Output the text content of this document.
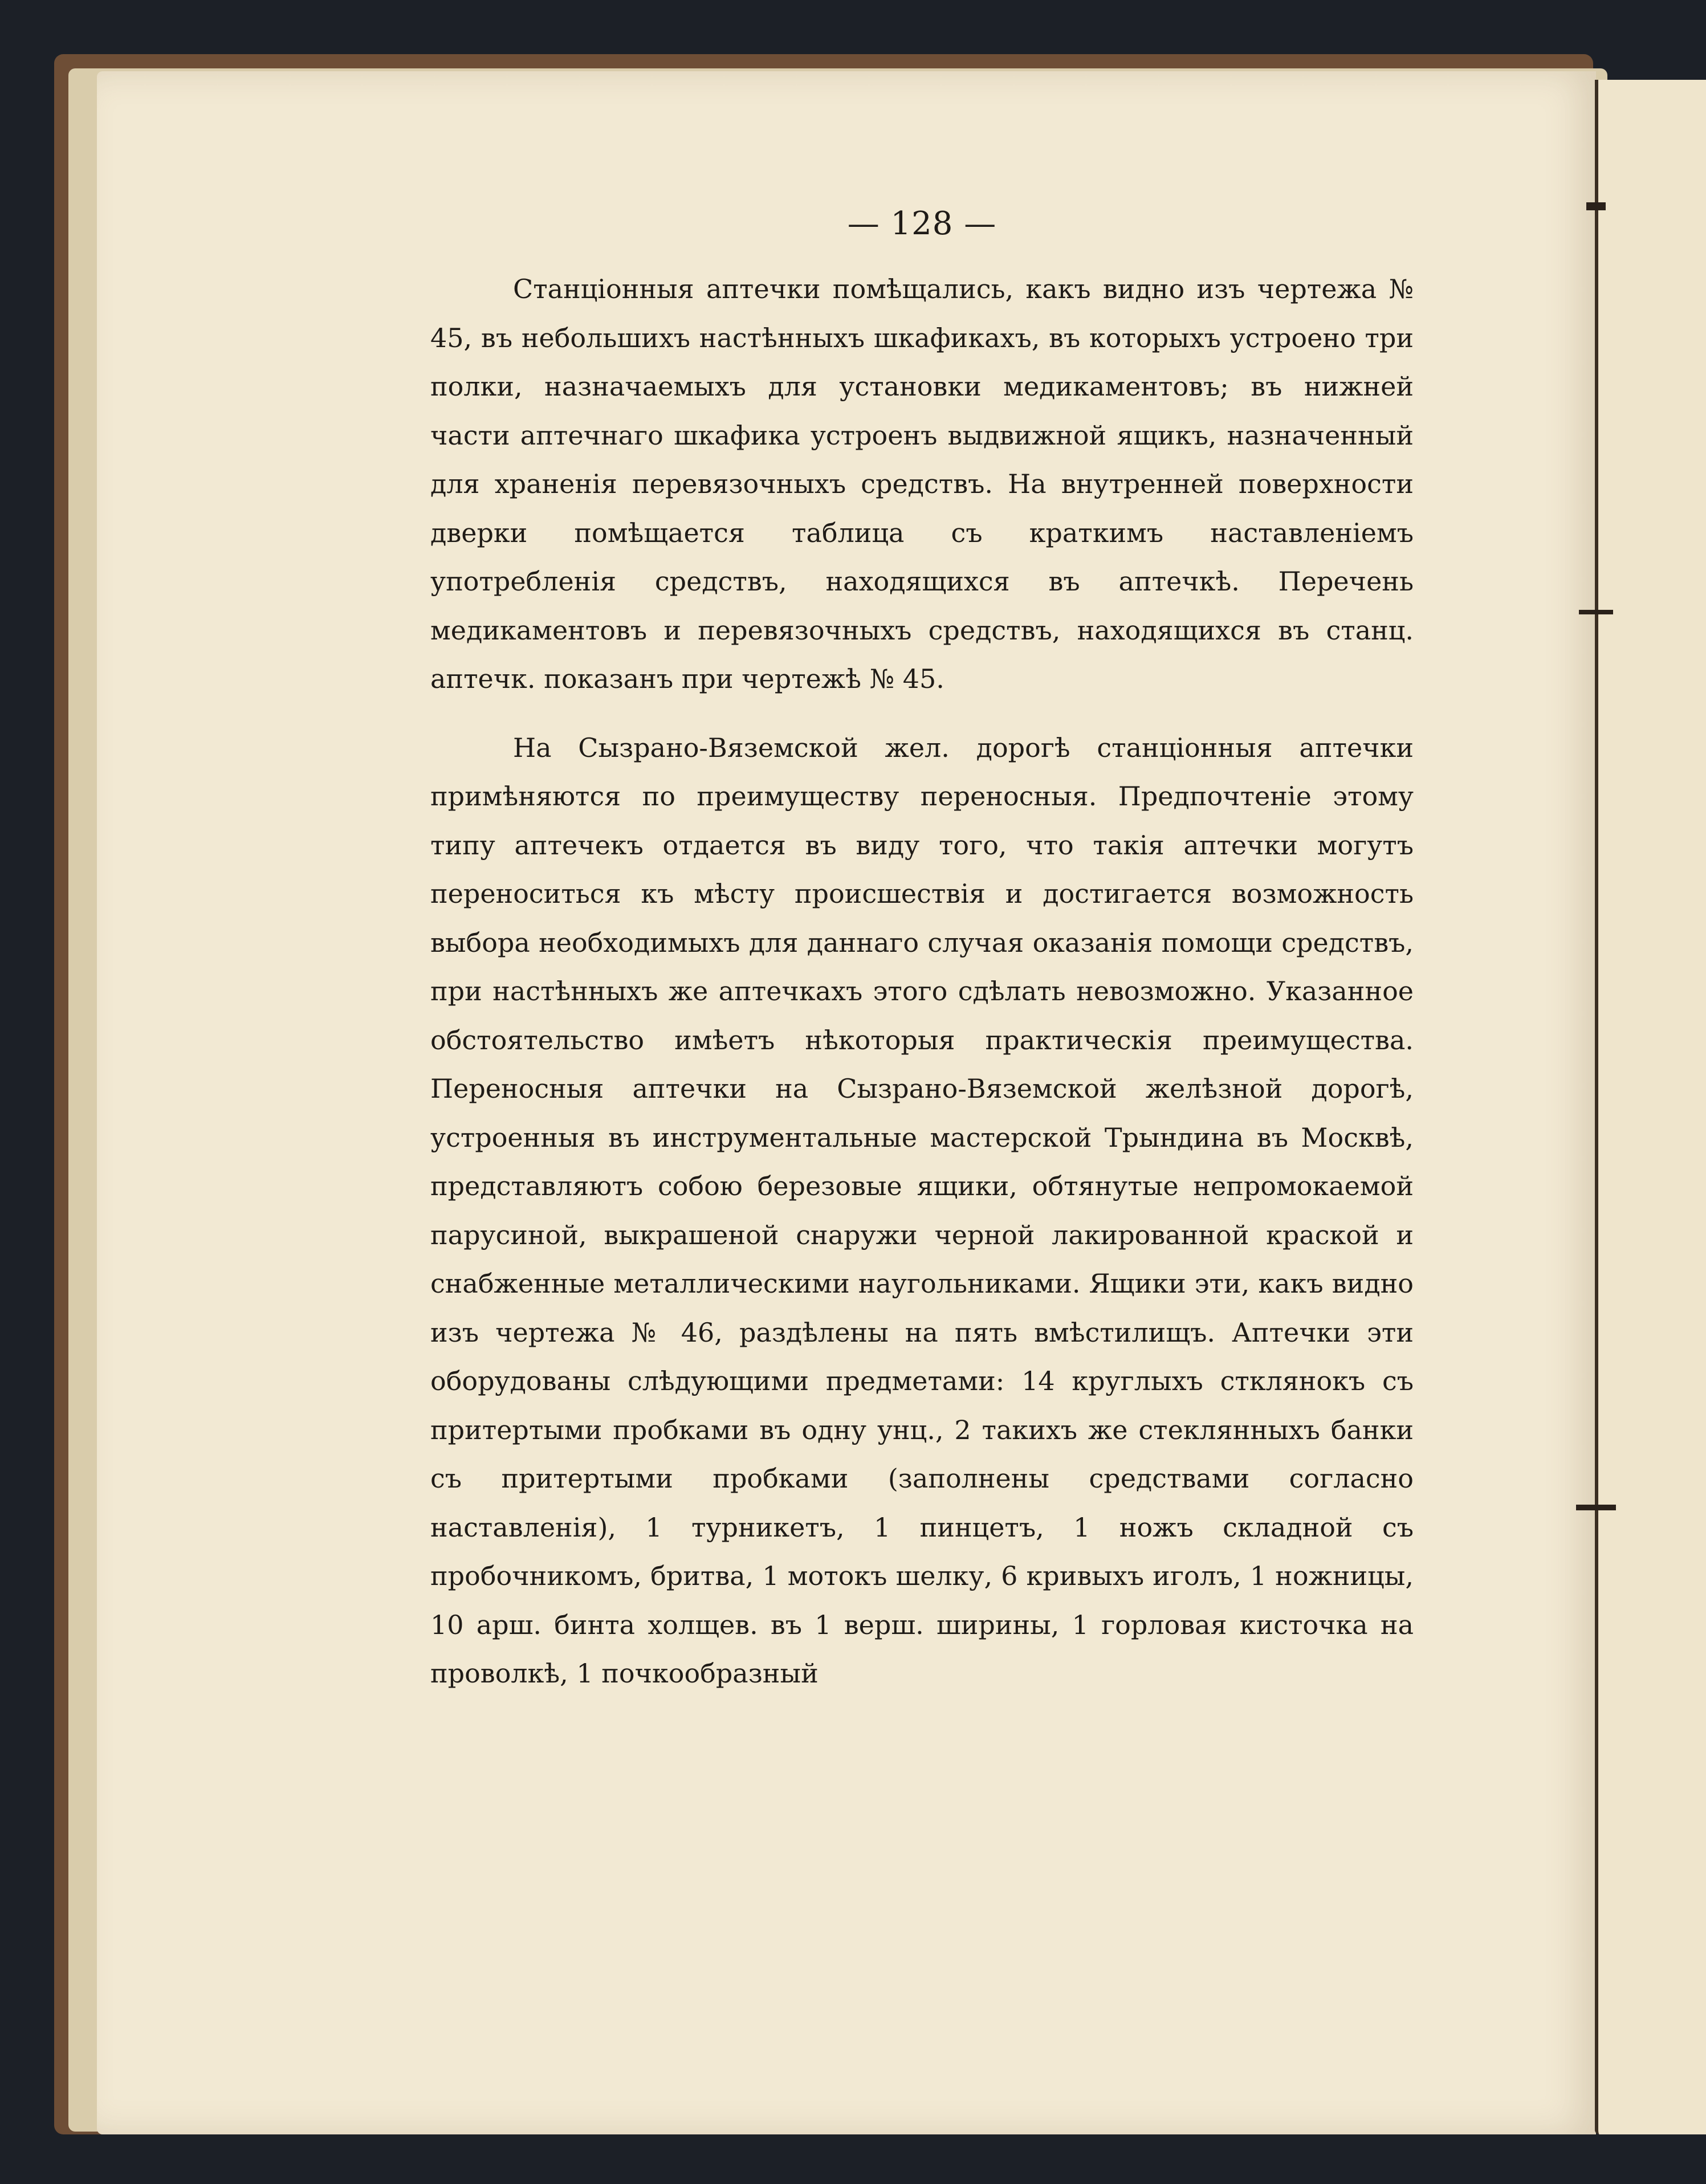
— 128 —

Станцiонныя аптечки помѣщались, какъ видно изъ чертежа № 45, въ небольшихъ настѣнныхъ шкафикахъ, въ которыхъ устроено три полки, назначаемыхъ для установки медикаментовъ; въ нижней части аптечнаго шкафика устроенъ выдвижной ящикъ, назначенный для храненiя перевязочныхъ средствъ. На внутренней поверхности дверки помѣщается таблица съ краткимъ наставленiемъ употребленiя средствъ, находящихся въ аптечкѣ. Перечень медикаментовъ и перевязочныхъ средствъ, находящихся въ станц. аптечк. показанъ при чертежѣ № 45.

На Сызрано-Вяземской жел. дорогѣ станцiонныя аптечки примѣняются по преимуществу переносныя. Предпочтенiе этому типу аптечекъ отдается въ виду того, что такiя аптечки могутъ переноситься къ мѣсту происшествiя и достигается возможность выбора необходимыхъ для даннаго случая оказанiя помощи средствъ, при настѣнныхъ же аптечкахъ этого сдѣлать невозможно. Указанное обстоятельство имѣетъ нѣкоторыя практическiя преимущества. Переносныя аптечки на Сызрано-Вяземской желѣзной дорогѣ, устроенныя въ инструментальные мастерской Трындина въ Москвѣ, представляютъ собою березовые ящики, обтянутые непромокаемой парусиной, выкрашеной снаружи черной лакированной краской и снабженные металлическими наугольниками. Ящики эти, какъ видно изъ чертежа № 46, раздѣлены на пять вмѣстилищъ. Аптечки эти оборудованы слѣдующими предметами: 14 круглыхъ стклянокъ съ притертыми пробками въ одну унц., 2 такихъ же стеклянныхъ банки съ притертыми пробками (заполнены средствами согласно наставленiя), 1 турникетъ, 1 пинцетъ, 1 ножъ складной съ пробочникомъ, бритва, 1 мотокъ шелку, 6 кривыхъ иголъ, 1 ножницы, 10 арш. бинта холщев. въ 1 верш. ширины, 1 горловая кисточка на проволкѣ, 1 почкообразный
